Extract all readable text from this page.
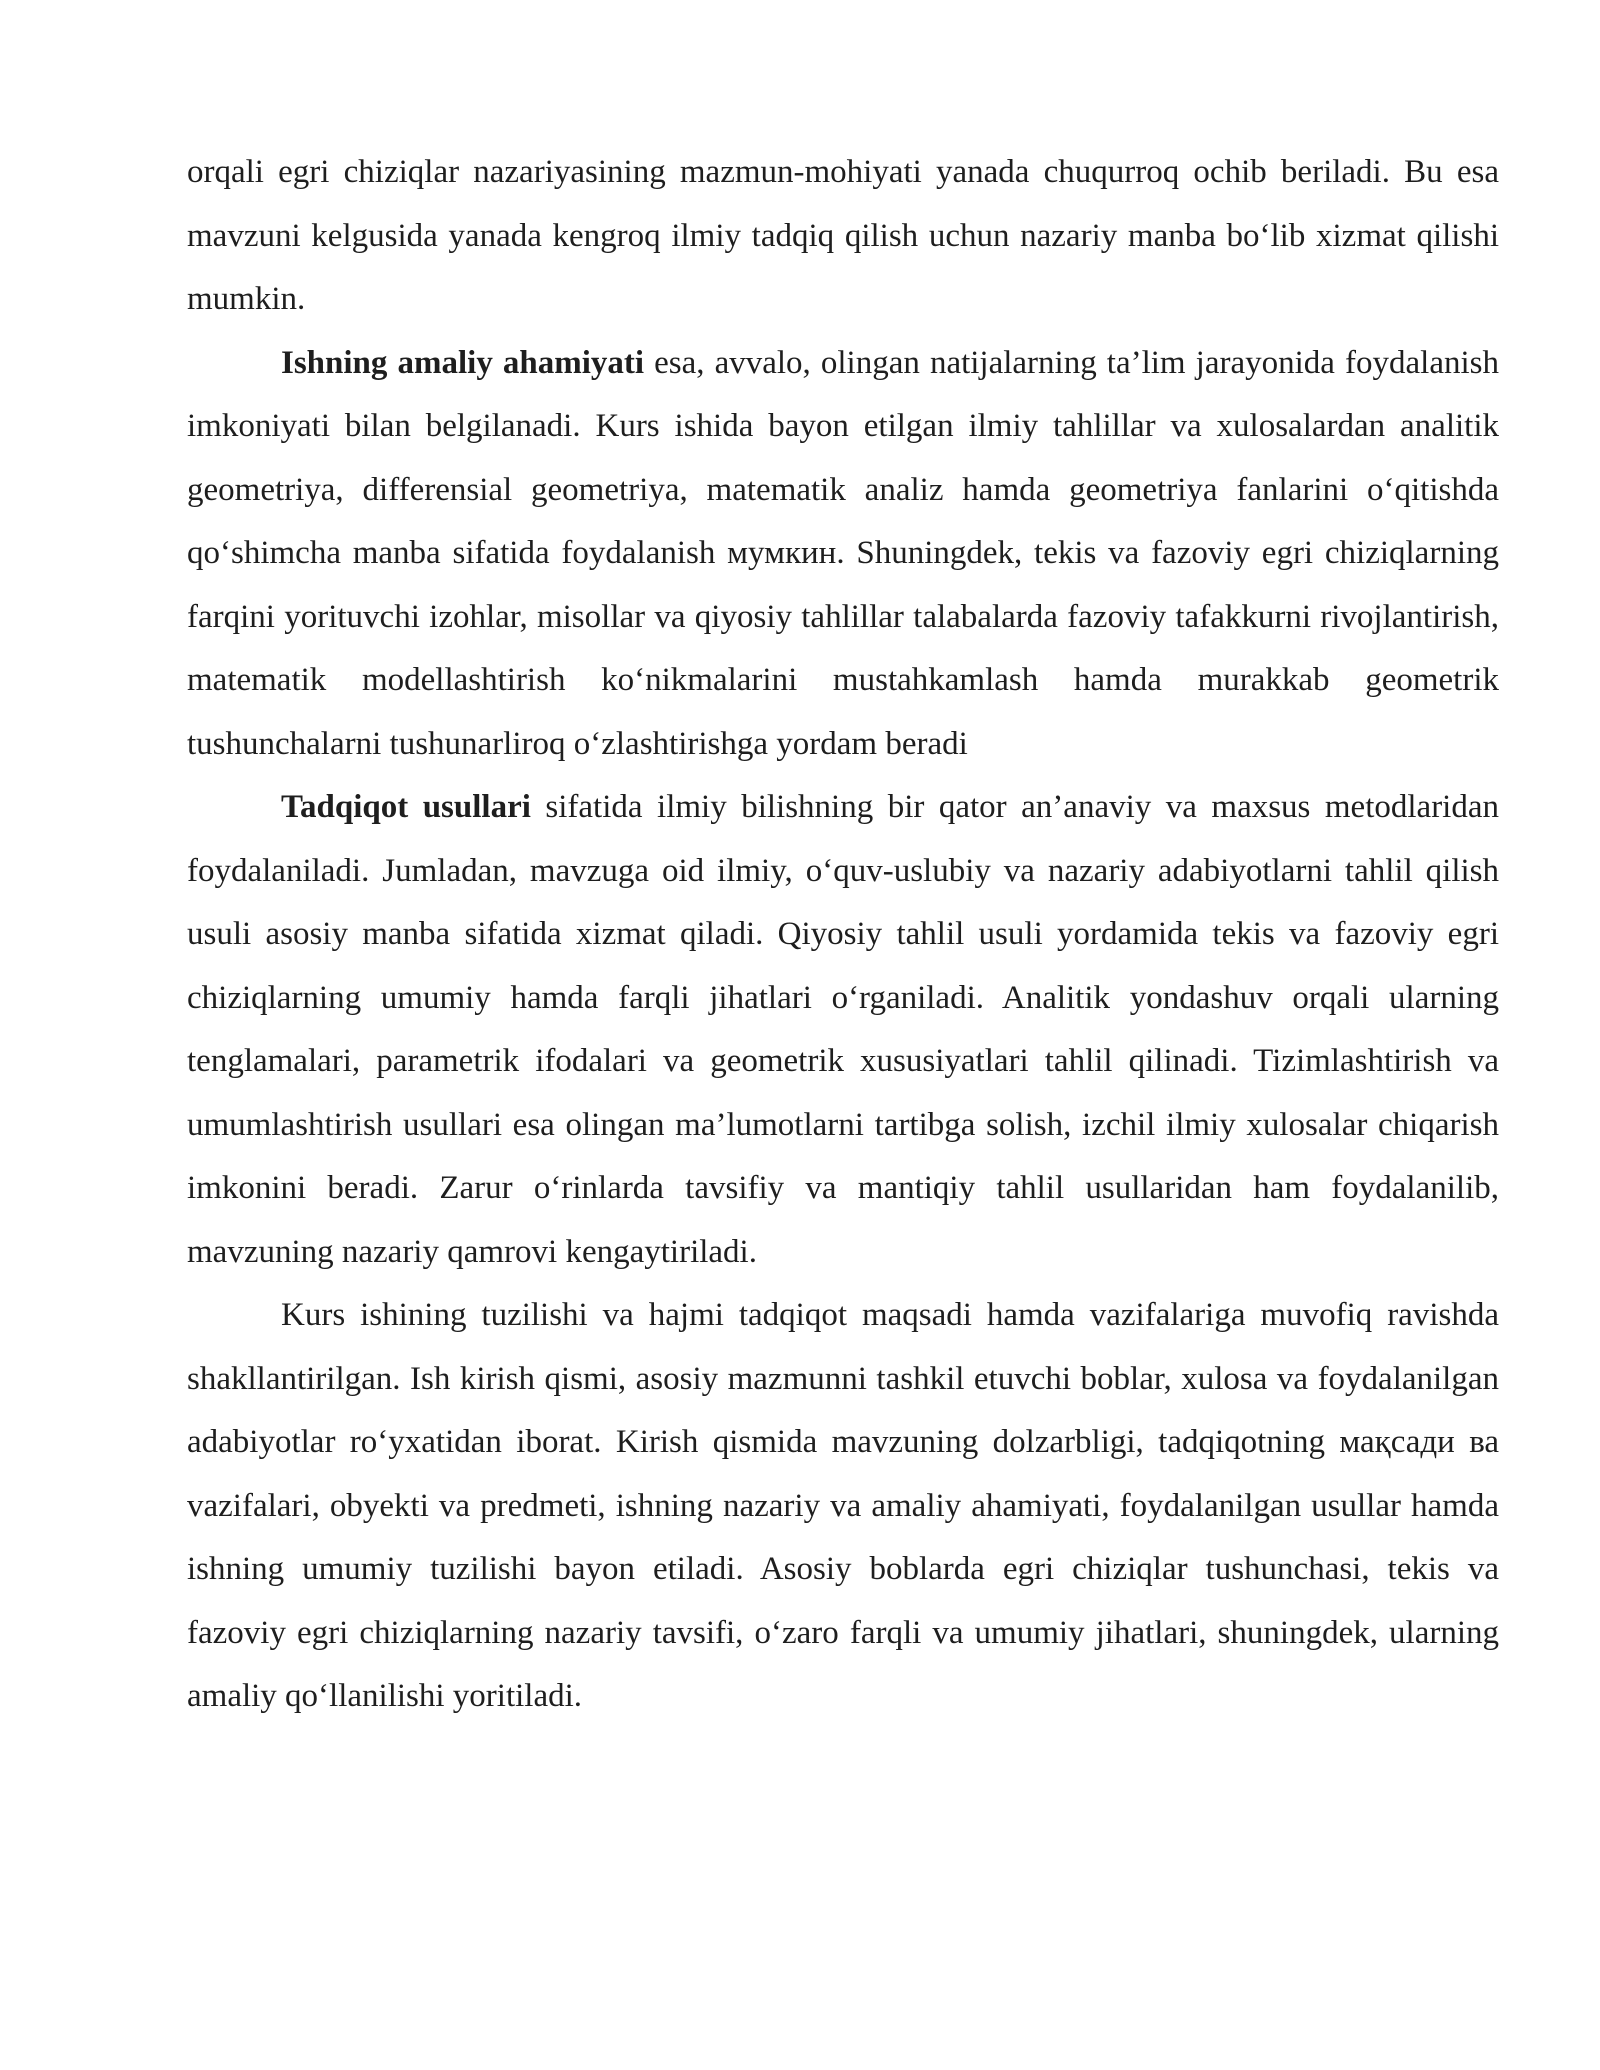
orqali egri chiziqlar nazariyasining mazmun-mohiyati yanada chuqurroq ochib beriladi. Bu esa mavzuni kelgusida yanada kengroq ilmiy tadqiq qilish uchun nazariy manba bo‘lib xizmat qilishi mumkin.

Ishning amaliy ahamiyati esa, avvalo, olingan natijalarning ta’lim jarayonida foydalanish imkoniyati bilan belgilanadi. Kurs ishida bayon etilgan ilmiy tahlillar va xulosalardan analitik geometriya, differensial geometriya, matematik analiz hamda geometriya fanlarini o‘qitishda qo‘shimcha manba sifatida foydalanish мумкин. Shuningdek, tekis va fazoviy egri chiziqlarning farqini yorituvchi izohlar, misollar va qiyosiy tahlillar talabalarda fazoviy tafakkurni rivojlantirish, matematik modellashtirish ko‘nikmalarini mustahkamlash hamda murakkab geometrik tushunchalarni tushunarliroq o‘zlashtirishga yordam beradi

Tadqiqot usullari sifatida ilmiy bilishning bir qator an’anaviy va maxsus metodlaridan foydalaniladi. Jumladan, mavzuga oid ilmiy, o‘quv-uslubiy va nazariy adabiyotlarni tahlil qilish usuli asosiy manba sifatida xizmat qiladi. Qiyosiy tahlil usuli yordamida tekis va fazoviy egri chiziqlarning umumiy hamda farqli jihatlari o‘rganiladi. Analitik yondashuv orqali ularning tenglamalari, parametrik ifodalari va geometrik xususiyatlari tahlil qilinadi. Tizimlashtirish va umumlashtirish usullari esa olingan ma’lumotlarni tartibga solish, izchil ilmiy xulosalar chiqarish imkonini beradi. Zarur o‘rinlarda tavsifiy va mantiqiy tahlil usullaridan ham foydalanilib, mavzuning nazariy qamrovi kengaytiriladi.

Kurs ishining tuzilishi va hajmi tadqiqot maqsadi hamda vazifalariga muvofiq ravishda shakllantirilgan. Ish kirish qismi, asosiy mazmunni tashkil etuvchi boblar, xulosa va foydalanilgan adabiyotlar ro‘yxatidan iborat. Kirish qismida mavzuning dolzarbligi, tadqiqotning мақсади ва vazifalari, obyekti va predmeti, ishning nazariy va amaliy ahamiyati, foydalanilgan usullar hamda ishning umumiy tuzilishi bayon etiladi. Asosiy boblarda egri chiziqlar tushunchasi, tekis va fazoviy egri chiziqlarning nazariy tavsifi, o‘zaro farqli va umumiy jihatlari, shuningdek, ularning amaliy qo‘llanilishi yoritiladi.
